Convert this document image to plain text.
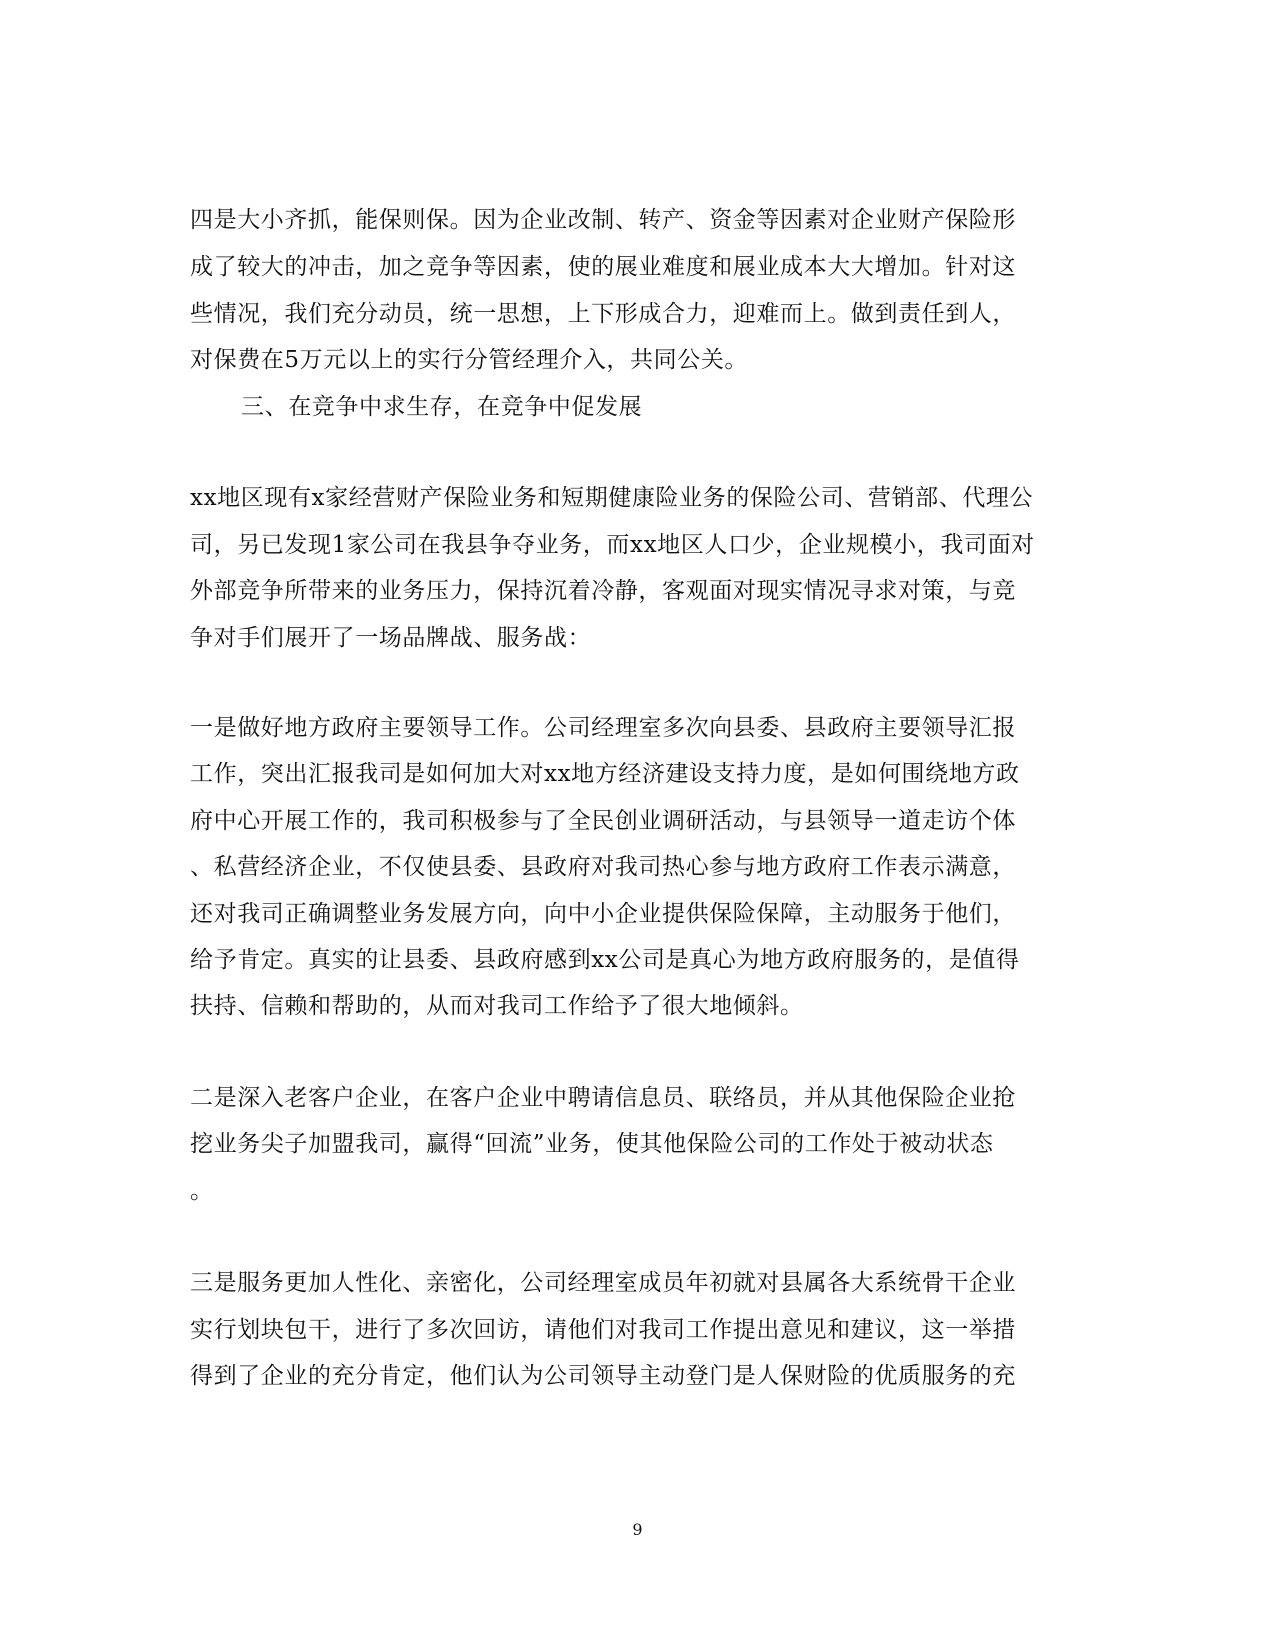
四是大小齐抓，能保则保。因为企业改制、转产、资金等因素对企业财产保险形
成了较大的冲击，加之竞争等因素，使的展业难度和展业成本大大增加。针对这
些情况，我们充分动员，统一思想，上下形成合力，迎难而上。做到责任到人，
对保费在5万元以上的实行分管经理介入，共同公关。
三、在竞争中求生存，在竞争中促发展
xx地区现有x家经营财产保险业务和短期健康险业务的保险公司、营销部、代理公
司，另已发现1家公司在我县争夺业务，而xx地区人口少，企业规模小，我司面对
外部竞争所带来的业务压力，保持沉着冷静，客观面对现实情况寻求对策，与竞
争对手们展开了一场品牌战、服务战：
一是做好地方政府主要领导工作。公司经理室多次向县委、县政府主要领导汇报
工作，突出汇报我司是如何加大对xx地方经济建设支持力度，是如何围绕地方政
府中心开展工作的，我司积极参与了全民创业调研活动，与县领导一道走访个体
、私营经济企业，不仅使县委、县政府对我司热心参与地方政府工作表示满意，
还对我司正确调整业务发展方向，向中小企业提供保险保障，主动服务于他们，
给予肯定。真实的让县委、县政府感到xx公司是真心为地方政府服务的，是值得
扶持、信赖和帮助的，从而对我司工作给予了很大地倾斜。
二是深入老客户企业，在客户企业中聘请信息员、联络员，并从其他保险企业抢
挖业务尖子加盟我司，赢得“回流”业务，使其他保险公司的工作处于被动状态
。
三是服务更加人性化、亲密化，公司经理室成员年初就对县属各大系统骨干企业
实行划块包干，进行了多次回访，请他们对我司工作提出意见和建议，这一举措
得到了企业的充分肯定，他们认为公司领导主动登门是人保财险的优质服务的充
9
